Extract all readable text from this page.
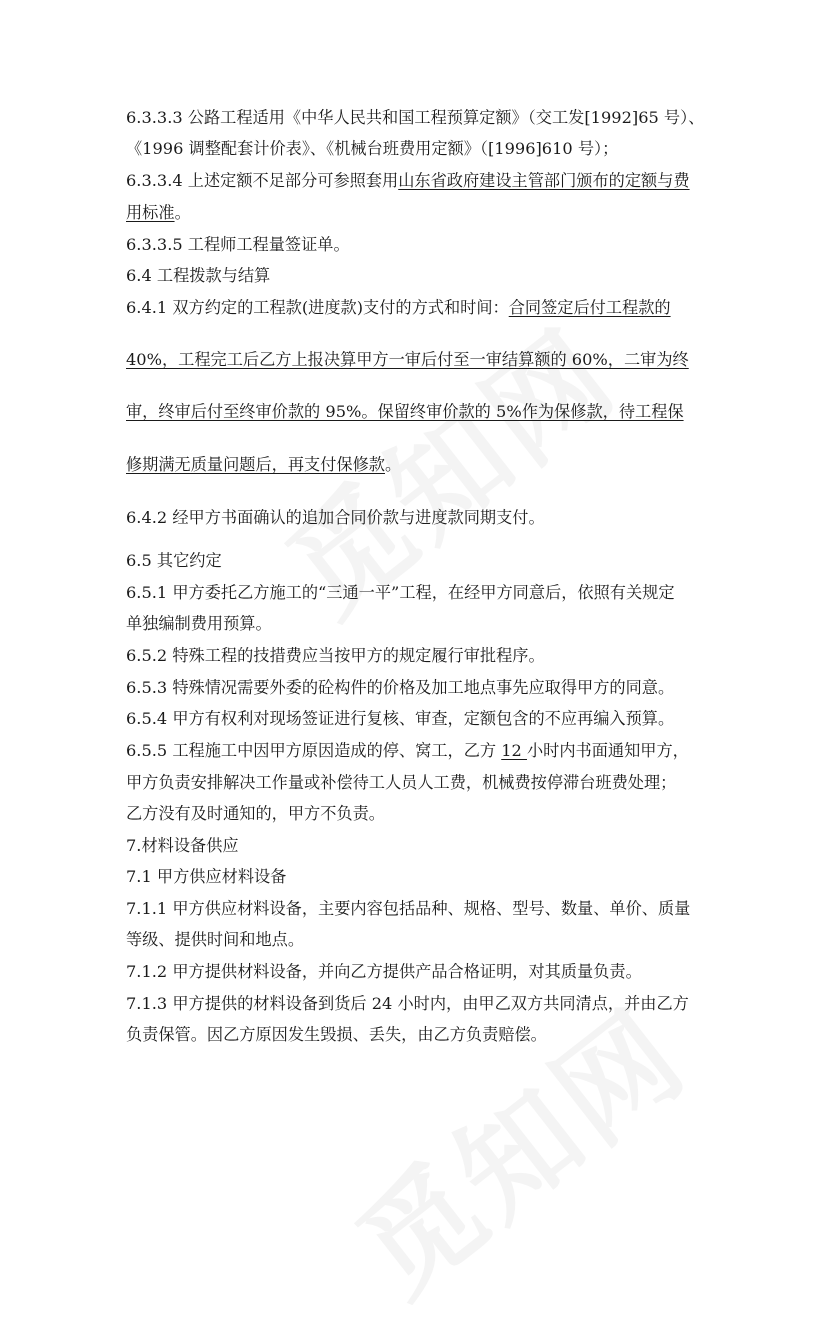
6.3.3.3 公路工程适用《中华人民共和国工程预算定额》（交工发[1992]65 号）、
《1996 调整配套计价表》、《机械台班费用定额》（[1996]610 号）；
6.3.3.4 上述定额不足部分可参照套用山东省政府建设主管部门颁布的定额与费
用标准。
6.3.3.5 工程师工程量签证单。
6.4 工程拨款与结算
6.4.1 双方约定的工程款(进度款)支付的方式和时间：合同签定后付工程款的
40%，工程完工后乙方上报决算甲方一审后付至一审结算额的 60%，二审为终
审，终审后付至终审价款的 95%。保留终审价款的 5%作为保修款，待工程保
修期满无质量问题后，再支付保修款。
6.4.2 经甲方书面确认的追加合同价款与进度款同期支付。
6.5 其它约定
6.5.1 甲方委托乙方施工的“三通一平”工程，在经甲方同意后，依照有关规定
单独编制费用预算。
6.5.2 特殊工程的技措费应当按甲方的规定履行审批程序。
6.5.3 特殊情况需要外委的砼构件的价格及加工地点事先应取得甲方的同意。
6.5.4 甲方有权利对现场签证进行复核、审查，定额包含的不应再编入预算。
6.5.5 工程施工中因甲方原因造成的停、窝工，乙方 12 小时内书面通知甲方，
甲方负责安排解决工作量或补偿待工人员人工费，机械费按停滞台班费处理；
乙方没有及时通知的，甲方不负责。
7.材料设备供应
7.1 甲方供应材料设备
7.1.1 甲方供应材料设备，主要内容包括品种、规格、型号、数量、单价、质量
等级、提供时间和地点。
7.1.2 甲方提供材料设备，并向乙方提供产品合格证明，对其质量负责。
7.1.3 甲方提供的材料设备到货后 24 小时内，由甲乙双方共同清点，并由乙方
负责保管。因乙方原因发生毁损、丢失，由乙方负责赔偿。
